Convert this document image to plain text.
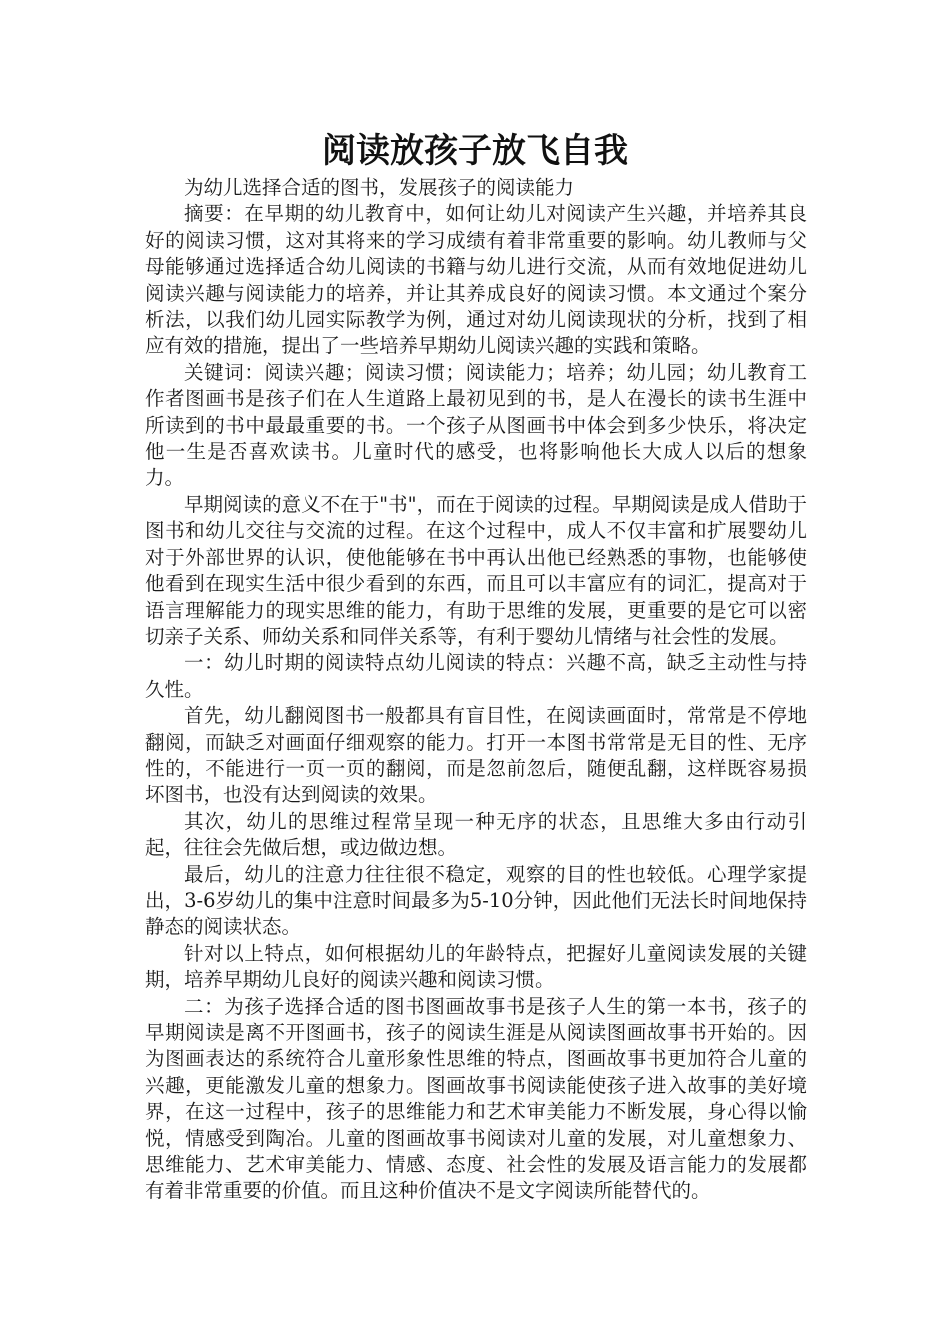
阅读放孩子放飞自我

为幼儿选择合适的图书，发展孩子的阅读能力

摘要：在早期的幼儿教育中，如何让幼儿对阅读产生兴趣，并培养其良好的阅读习惯，这对其将来的学习成绩有着非常重要的影响。幼儿教师与父母能够通过选择适合幼儿阅读的书籍与幼儿进行交流，从而有效地促进幼儿阅读兴趣与阅读能力的培养，并让其养成良好的阅读习惯。本文通过个案分析法，以我们幼儿园实际教学为例，通过对幼儿阅读现状的分析，找到了相应有效的措施，提出了一些培养早期幼儿阅读兴趣的实践和策略。

关键词：阅读兴趣；阅读习惯；阅读能力；培养；幼儿园；幼儿教育工作者图画书是孩子们在人生道路上最初见到的书，是人在漫长的读书生涯中所读到的书中最最重要的书。一个孩子从图画书中体会到多少快乐，将决定他一生是否喜欢读书。儿童时代的感受，也将影响他长大成人以后的想象力。

早期阅读的意义不在于"书"，而在于阅读的过程。早期阅读是成人借助于图书和幼儿交往与交流的过程。在这个过程中，成人不仅丰富和扩展婴幼儿对于外部世界的认识，使他能够在书中再认出他已经熟悉的事物，也能够使他看到在现实生活中很少看到的东西，而且可以丰富应有的词汇，提高对于语言理解能力的现实思维的能力，有助于思维的发展，更重要的是它可以密切亲子关系、师幼关系和同伴关系等，有利于婴幼儿情绪与社会性的发展。

一：幼儿时期的阅读特点幼儿阅读的特点：兴趣不高，缺乏主动性与持久性。

首先，幼儿翻阅图书一般都具有盲目性，在阅读画面时，常常是不停地翻阅，而缺乏对画面仔细观察的能力。打开一本图书常常是无目的性、无序性的，不能进行一页一页的翻阅，而是忽前忽后，随便乱翻，这样既容易损坏图书，也没有达到阅读的效果。

其次，幼儿的思维过程常呈现一种无序的状态，且思维大多由行动引起，往往会先做后想，或边做边想。

最后，幼儿的注意力往往很不稳定，观察的目的性也较低。心理学家提出，3-6岁幼儿的集中注意时间最多为5-10分钟，因此他们无法长时间地保持静态的阅读状态。

针对以上特点，如何根据幼儿的年龄特点，把握好儿童阅读发展的关键期，培养早期幼儿良好的阅读兴趣和阅读习惯。

二：为孩子选择合适的图书图画故事书是孩子人生的第一本书，孩子的早期阅读是离不开图画书，孩子的阅读生涯是从阅读图画故事书开始的。因为图画表达的系统符合儿童形象性思维的特点，图画故事书更加符合儿童的兴趣，更能激发儿童的想象力。图画故事书阅读能使孩子进入故事的美好境界，在这一过程中，孩子的思维能力和艺术审美能力不断发展，身心得以愉悦，情感受到陶冶。儿童的图画故事书阅读对儿童的发展，对儿童想象力、思维能力、艺术审美能力、情感、态度、社会性的发展及语言能力的发展都有着非常重要的价值。而且这种价值决不是文字阅读所能替代的。
